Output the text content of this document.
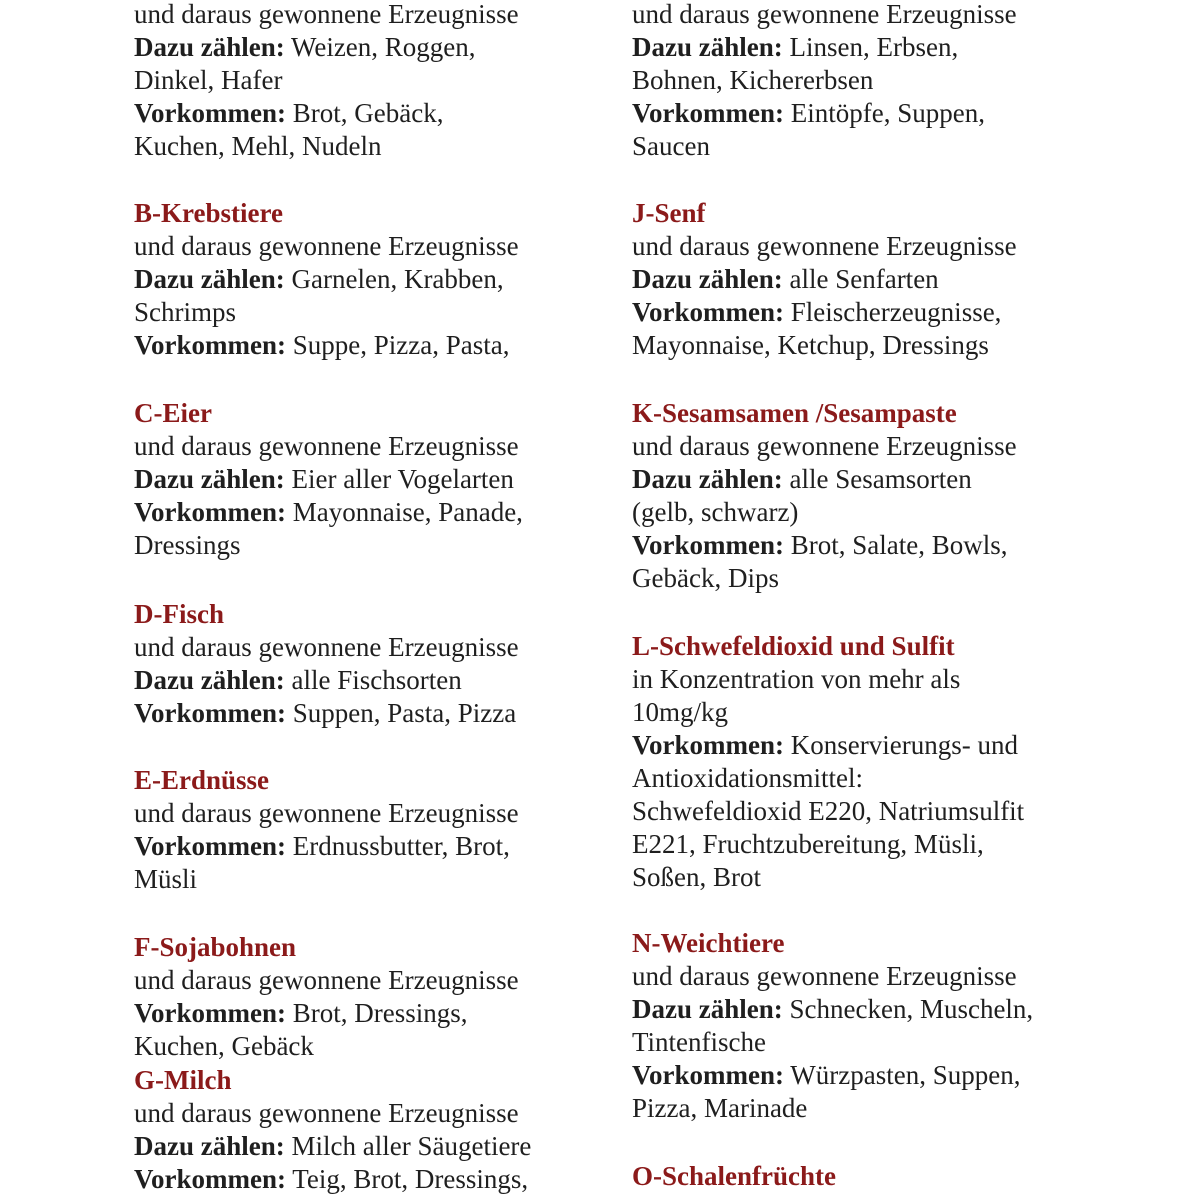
und daraus gewonnene Erzeugnisse
Dazu zählen: Weizen, Roggen,
Dinkel, Hafer
Vorkommen: Brot, Gebäck,
Kuchen, Mehl, Nudeln
B-Krebstiere
und daraus gewonnene Erzeugnisse
Dazu zählen: Garnelen, Krabben,
Schrimps
Vorkommen: Suppe, Pizza, Pasta,
C-Eier
und daraus gewonnene Erzeugnisse
Dazu zählen: Eier aller Vogelarten
Vorkommen: Mayonnaise, Panade,
Dressings
D-Fisch
und daraus gewonnene Erzeugnisse
Dazu zählen: alle Fischsorten
Vorkommen: Suppen, Pasta, Pizza
E-Erdnüsse
und daraus gewonnene Erzeugnisse
Vorkommen: Erdnussbutter, Brot,
Müsli
F-Sojabohnen
und daraus gewonnene Erzeugnisse
Vorkommen: Brot, Dressings,
Kuchen, Gebäck
G-Milch
und daraus gewonnene Erzeugnisse
Dazu zählen: Milch aller Säugetiere
Vorkommen: Teig, Brot, Dressings,
und daraus gewonnene Erzeugnisse
Dazu zählen: Linsen, Erbsen,
Bohnen, Kichererbsen
Vorkommen: Eintöpfe, Suppen,
Saucen
J-Senf
und daraus gewonnene Erzeugnisse
Dazu zählen: alle Senfarten
Vorkommen: Fleischerzeugnisse,
Mayonnaise, Ketchup, Dressings
K-Sesamsamen /Sesampaste
und daraus gewonnene Erzeugnisse
Dazu zählen: alle Sesamsorten
(gelb, schwarz)
Vorkommen: Brot, Salate, Bowls,
Gebäck, Dips
L-Schwefeldioxid und Sulfit
in Konzentration von mehr als
10mg/kg
Vorkommen: Konservierungs- und
Antioxidationsmittel:
Schwefeldioxid E220, Natriumsulfit
E221, Fruchtzubereitung, Müsli,
Soßen, Brot
N-Weichtiere
und daraus gewonnene Erzeugnisse
Dazu zählen: Schnecken, Muscheln,
Tintenfische
Vorkommen: Würzpasten, Suppen,
Pizza, Marinade
O-Schalenfrüchte
